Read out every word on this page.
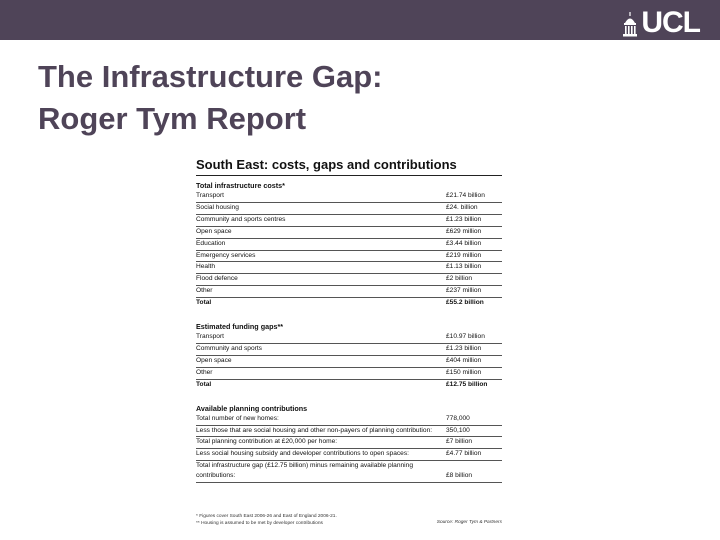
UCL
The Infrastructure Gap:
Roger Tym Report
South East: costs, gaps and contributions
Total infrastructure costs*
Transport	£21.74 billion
Social housing	£24. billion
Community and sports centres	£1.23 billion
Open space	£629 million
Education	£3.44 billion
Emergency services	£219 million
Health	£1.13 billion
Flood defence	£2 billion
Other	£237 million
Total	£55.2 billion
Estimated funding gaps**
Transport	£10.97 billion
Community and sports	£1.23 billion
Open space	£404 million
Other	£150 million
Total	£12.75 billion
Available planning contributions
Total number of new homes:	778,000
Less those that are social housing and other non-payers of planning contribution:	350,100
Total planning contribution at £20,000 per home:	£7 billion
Less social housing subsidy and developer contributions to open spaces:	£4.77 billion
Total infrastructure gap (£12.75 billion) minus remaining available planning contributions:	£8 billion
* Figures cover South East 2006-26 and East of England 2006-21.
** Housing is assumed to be met by developer contributions	Source: Roger Tym & Partners
